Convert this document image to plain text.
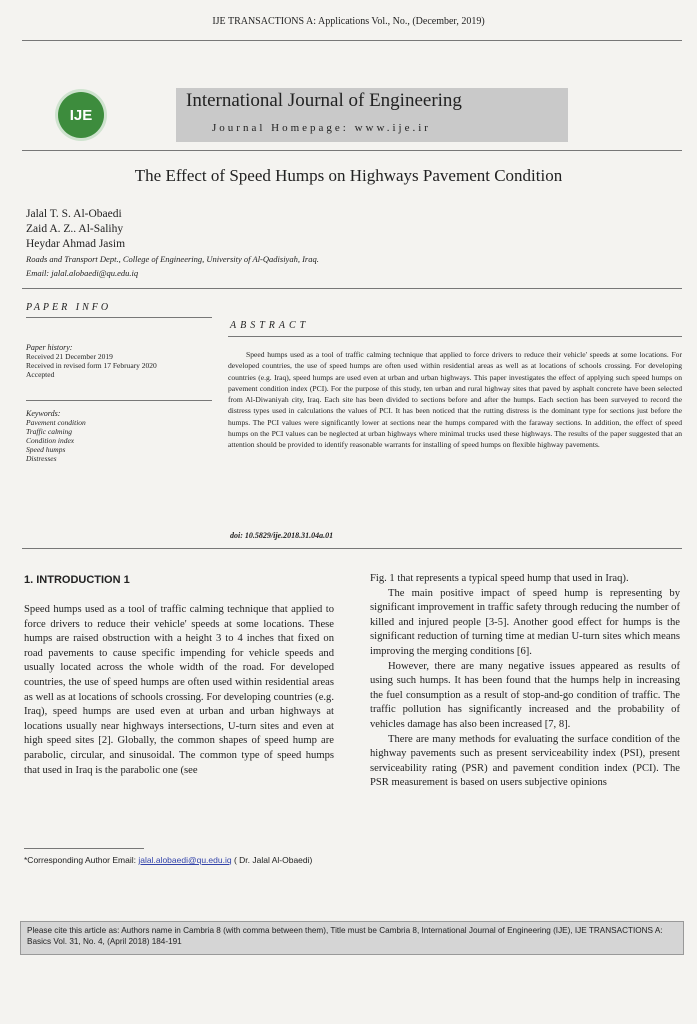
IJE TRANSACTIONS A: Applications Vol., No., (December, 2019)
IJE
International Journal of Engineering
Journal Homepage: www.ije.ir
The Effect of Speed Humps on Highways Pavement Condition
Jalal T. S. Al-Obaedi
Zaid A. Z.. Al-Salihy
Heydar Ahmad Jasim
Roads and Transport Dept., College of Engineering, University of Al-Qadisiyah, Iraq.
Email: jalal.alobaedi@qu.edu.iq
PAPER INFO
ABSTRACT
Paper history:
Received 21 December 2019
Received in revised form 17 February 2020
Accepted
Keywords:
Pavement condition
Traffic calming
Condition index
Speed humps
Distresses
Speed humps used as a tool of traffic calming technique that applied to force drivers to reduce their vehicle' speeds at some locations. For developed countries, the use of speed humps are often used within residential areas as well as at locations of schools crossing. For developing countries (e.g. Iraq), speed humps are used even at urban and urban highways. This paper investigates the effect of applying such speed humps on pavement condition index (PCI). For the purpose of this study, ten urban and rural highway sites that paved by asphalt concrete have been selected from Al-Diwaniyah city, Iraq. Each site has been divided to sections before and after the humps. Each section has been surveyed to record the distress types used in calculations the values of PCI. It has been noticed that the rutting distress is the dominant type for sections just before the humps. The PCI values were significantly lower at sections near the humps compared with the faraway sections. In addition, the effect of speed humps on the PCI values can be neglected at urban highways where minimal trucks used these highways. The results of the paper suggested that an attention should be provided to identify reasonable warrants for installing of speed humps on flexible highway pavements.
doi: 10.5829/ije.2018.31.04a.01
1. INTRODUCTION 1

Speed humps used as a tool of traffic calming technique that applied to force drivers to reduce their vehicle' speeds at some locations. These humps are raised obstruction with a height 3 to 4 inches that fixed on road pavements to cause specific impending for vehicle speeds and usually located across the whole width of the road. For developed countries, the use of speed humps are often used within residential areas as well as at locations of schools crossing. For developing countries (e.g. Iraq), speed humps are used even at urban and urban highways at locations usually near highways intersections, U-turn sites and even at high speed sites [2]. Globally, the common shapes of speed hump are parabolic, circular, and sinusoidal. The common type of speed humps that used in Iraq is the parabolic one (see

*Corresponding Author Email: jalal.alobaedi@qu.edu.iq ( Dr. Jalal Al-Obaedi)

Fig. 1 that represents a typical speed hump that used in Iraq).

The main positive impact of speed hump is representing by significant improvement in traffic safety through reducing the number of killed and injured people [3-5]. Another good effect for humps is the significant reduction of turning time at median U-turn sites which means improving the merging conditions [6].

However, there are many negative issues appeared as results of using such humps. It has been found that the humps help in increasing the fuel consumption as a result of stop-and-go condition of traffic. The traffic pollution has significantly increased and the probability of vehicles damage has also been increased [7, 8].

There are many methods for evaluating the surface condition of the highway pavements such as present serviceability index (PSI), present serviceability rating (PSR) and pavement condition index (PCI). The PSR measurement is based on users subjective opinions

Please cite this article as: Authors name in Cambria 8 (with comma between them), Title must be Cambria 8, International Journal of Engineering (IJE), IJE TRANSACTIONS A: Basics Vol. 31, No. 4, (April 2018) 184-191
